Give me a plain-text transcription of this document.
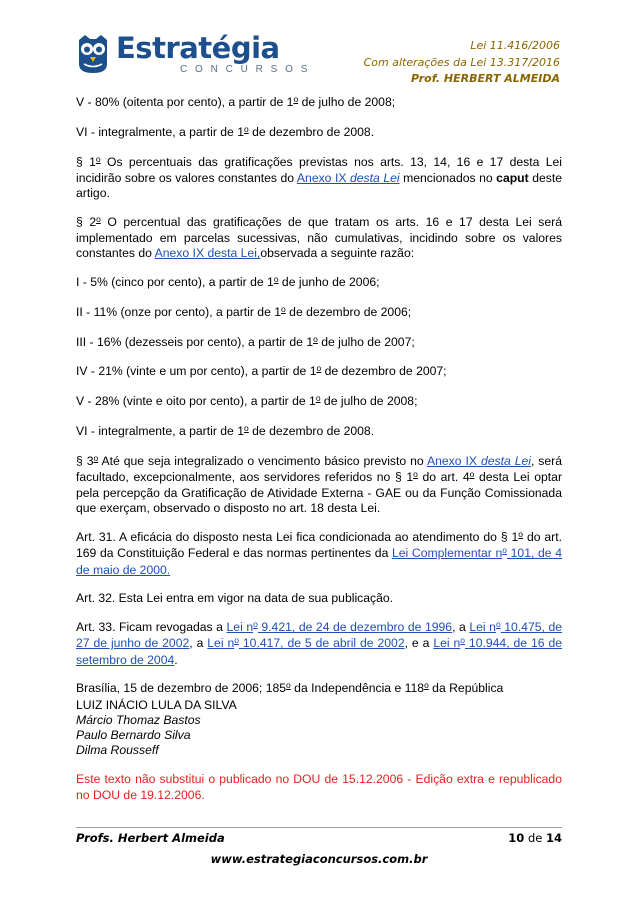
Estratégia
CONCURSOS
Lei 11.416/2006
Com alterações da Lei 13.317/2016
Prof. HERBERT ALMEIDA
V - 80% (oitenta por cento), a partir de 1$^o$ de julho de 2008;
VI - integralmente, a partir de 1$^o$ de dezembro de 2008.
§ 1$^o$ Os percentuais das gratificações previstas nos arts. 13, 14, 16 e 17 desta Lei incidirão sobre os valores constantes do Anexo IX desta Lei mencionados no caput deste artigo.
§ 2$^o$ O percentual das gratificações de que tratam os arts. 16 e 17 desta Lei será implementado em parcelas sucessivas, não cumulativas, incidindo sobre os valores constantes do Anexo IX desta Lei,observada a seguinte razão:
I - 5% (cinco por cento), a partir de 1$^o$ de junho de 2006;
II - 11% (onze por cento), a partir de 1$^o$ de dezembro de 2006;
III - 16% (dezesseis por cento), a partir de 1$^o$ de julho de 2007;
IV - 21% (vinte e um por cento), a partir de 1$^o$ de dezembro de 2007;
V - 28% (vinte e oito por cento), a partir de 1$^o$ de julho de 2008;
VI - integralmente, a partir de 1$^o$ de dezembro de 2008.
§ 3$^o$ Até que seja integralizado o vencimento básico previsto no Anexo IX desta Lei, será facultado, excepcionalmente, aos servidores referidos no § 1$^o$ do art. 4$^o$ desta Lei optar pela percepção da Gratificação de Atividade Externa - GAE ou da Função Comissionada que exerçam, observado o disposto no art. 18 desta Lei.
Art. 31. A eficácia do disposto nesta Lei fica condicionada ao atendimento do § 1$^o$ do art. 169 da Constituição Federal e das normas pertinentes da Lei Complementar $n^o$ 101, de 4 de maio de 2000.
Art. 32. Esta Lei entra em vigor na data de sua publicação.
Art. 33. Ficam revogadas a Lei $n^o$ 9.421, de 24 de dezembro de 1996, a Lei $n^o$ 10.475, de 27 de junho de 2002, a Lei $n^o$ 10.417, de 5 de abril de 2002, e a Lei $n^o$ 10.944, de 16 de setembro de 2004.
Brasília, 15 de dezembro de 2006; 185$^o$ da Independência e 118$^o$ da República
LUIZ INÁCIO LULA DA SILVA
Márcio Thomaz Bastos
Paulo Bernardo Silva
Dilma Rousseff
Este texto não substitui o publicado no DOU de 15.12.2006 - Edição extra e republicado no DOU de 19.12.2006.
Profs. Herbert Almeida	10 de 14
www.estrategiaconcursos.com.br
